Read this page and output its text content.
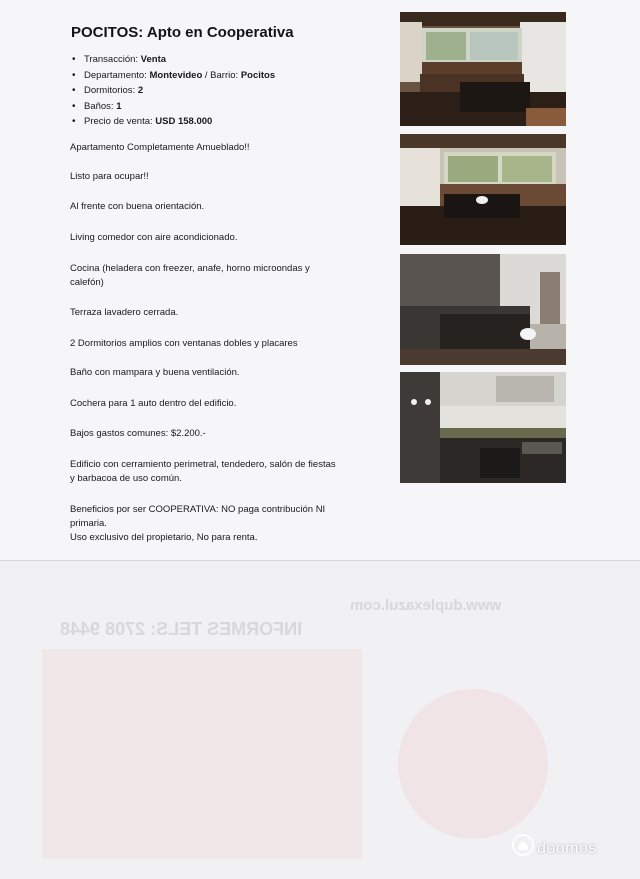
POCITOS: Apto en Cooperativa
• Transacción: Venta
• Departamento: Montevideo / Barrio: Pocitos
• Dormitorios: 2
• Baños: 1
• Precio de venta: USD 158.000
Apartamento Completamente Amueblado!!
Listo para ocupar!!
Al frente con buena orientación.
Living comedor con aire acondicionado.
Cocina (heladera con freezer, anafe, horno microondas y calefón)
Terraza lavadero cerrada.
2 Dormitorios amplios con ventanas dobles y placares
Baño con mampara y buena ventilación.
Cochera para 1 auto dentro del edificio.
Bajos gastos comunes: $2.200.-
Edificio con cerramiento perimetral, tendedero, salón de fiestas y barbacoa de uso común.
Beneficios por ser COOPERATIVA: NO paga contribución NI primaria.
Uso exclusivo del propietario, No para renta.
INFORMES TELS: 2708 9448
www.duplexazul.com
doomos
